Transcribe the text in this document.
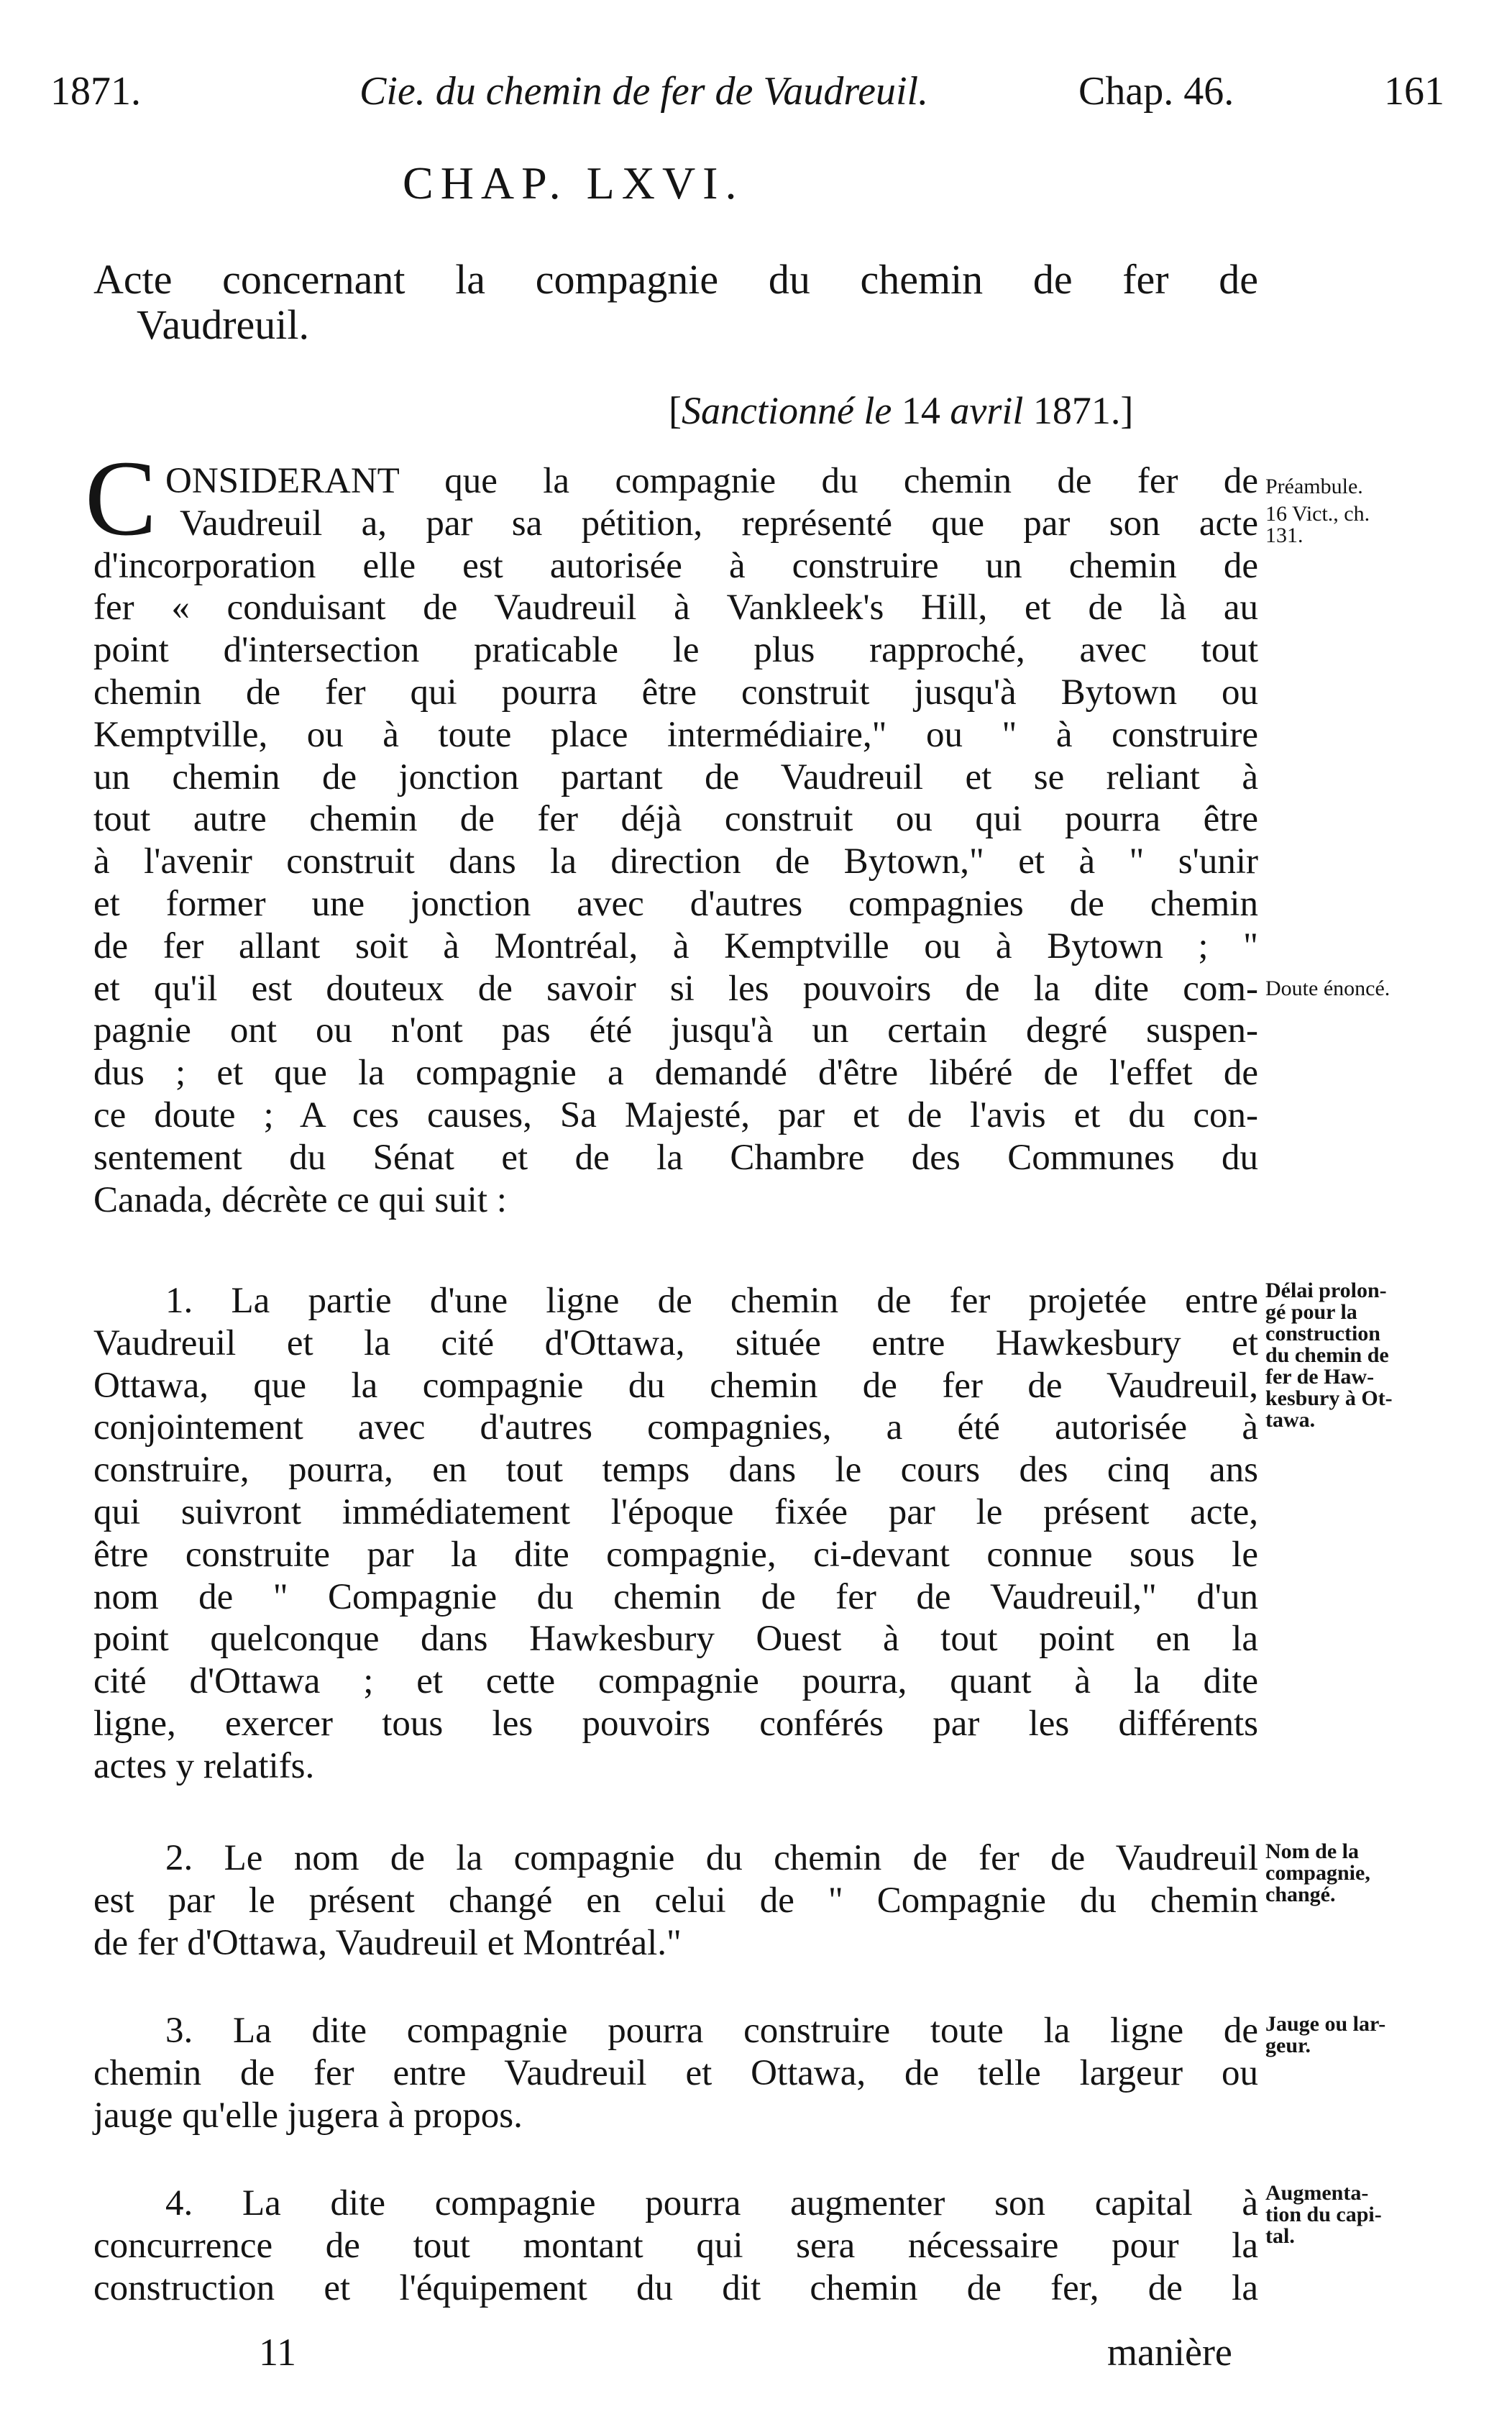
1871.	Cie. du chemin de fer de Vaudreuil.	Chap. 46.	161
CHAP. LXVI.
Acte concernant la compagnie du chemin de fer de
Vaudreuil.
[Sanctionné le 14 avril 1871.]
C ONSIDERANT que la compagnie du chemin de fer de
Vaudreuil a, par sa pétition, représenté que par son acte
d'incorporation elle est autorisée à construire un chemin de
fer « conduisant de Vaudreuil à Vankleek's Hill, et de là au
point d'intersection praticable le plus rapproché, avec tout
chemin de fer qui pourra être construit jusqu'à Bytown ou
Kemptville, ou à toute place intermédiaire," ou " à construire
un chemin de jonction partant de Vaudreuil et se reliant à
tout autre chemin de fer déjà construit ou qui pourra être
à l'avenir construit dans la direction de Bytown," et à " s'unir
et former une jonction avec d'autres compagnies de chemin
de fer allant soit à Montréal, à Kemptville ou à Bytown ; "
et qu'il est douteux de savoir si les pouvoirs de la dite com-
pagnie ont ou n'ont pas été jusqu'à un certain degré suspen-
dus ; et que la compagnie a demandé d'être libéré de l'effet de
ce doute ; A ces causes, Sa Majesté, par et de l'avis et du con-
sentement du Sénat et de la Chambre des Communes du
Canada, décrète ce qui suit :
1. La partie d'une ligne de chemin de fer projetée entre
Vaudreuil et la cité d'Ottawa, située entre Hawkesbury et
Ottawa, que la compagnie du chemin de fer de Vaudreuil,
conjointement avec d'autres compagnies, a été autorisée à
construire, pourra, en tout temps dans le cours des cinq ans
qui suivront immédiatement l'époque fixée par le présent acte,
être construite par la dite compagnie, ci-devant connue sous le
nom de " Compagnie du chemin de fer de Vaudreuil," d'un
point quelconque dans Hawkesbury Ouest à tout point en la
cité d'Ottawa ; et cette compagnie pourra, quant à la dite
ligne, exercer tous les pouvoirs conférés par les différents
actes y relatifs.
2. Le nom de la compagnie du chemin de fer de Vaudreuil
est par le présent changé en celui de " Compagnie du chemin
de fer d'Ottawa, Vaudreuil et Montréal."
3. La dite compagnie pourra construire toute la ligne de
chemin de fer entre Vaudreuil et Ottawa, de telle largeur ou
jauge qu'elle jugera à propos.
4. La dite compagnie pourra augmenter son capital à
concurrence de tout montant qui sera nécessaire pour la
construction et l'équipement du dit chemin de fer, de la
Préambule.
16 Vict., ch.
131.
Doute énoncé.
Délai prolon-
gé pour la
construction
du chemin de
fer de Haw-
kesbury à Ot-
tawa.
Nom de la
compagnie,
changé.
Jauge ou lar-
geur.
Augmenta-
tion du capi-
tal.
11	manière
